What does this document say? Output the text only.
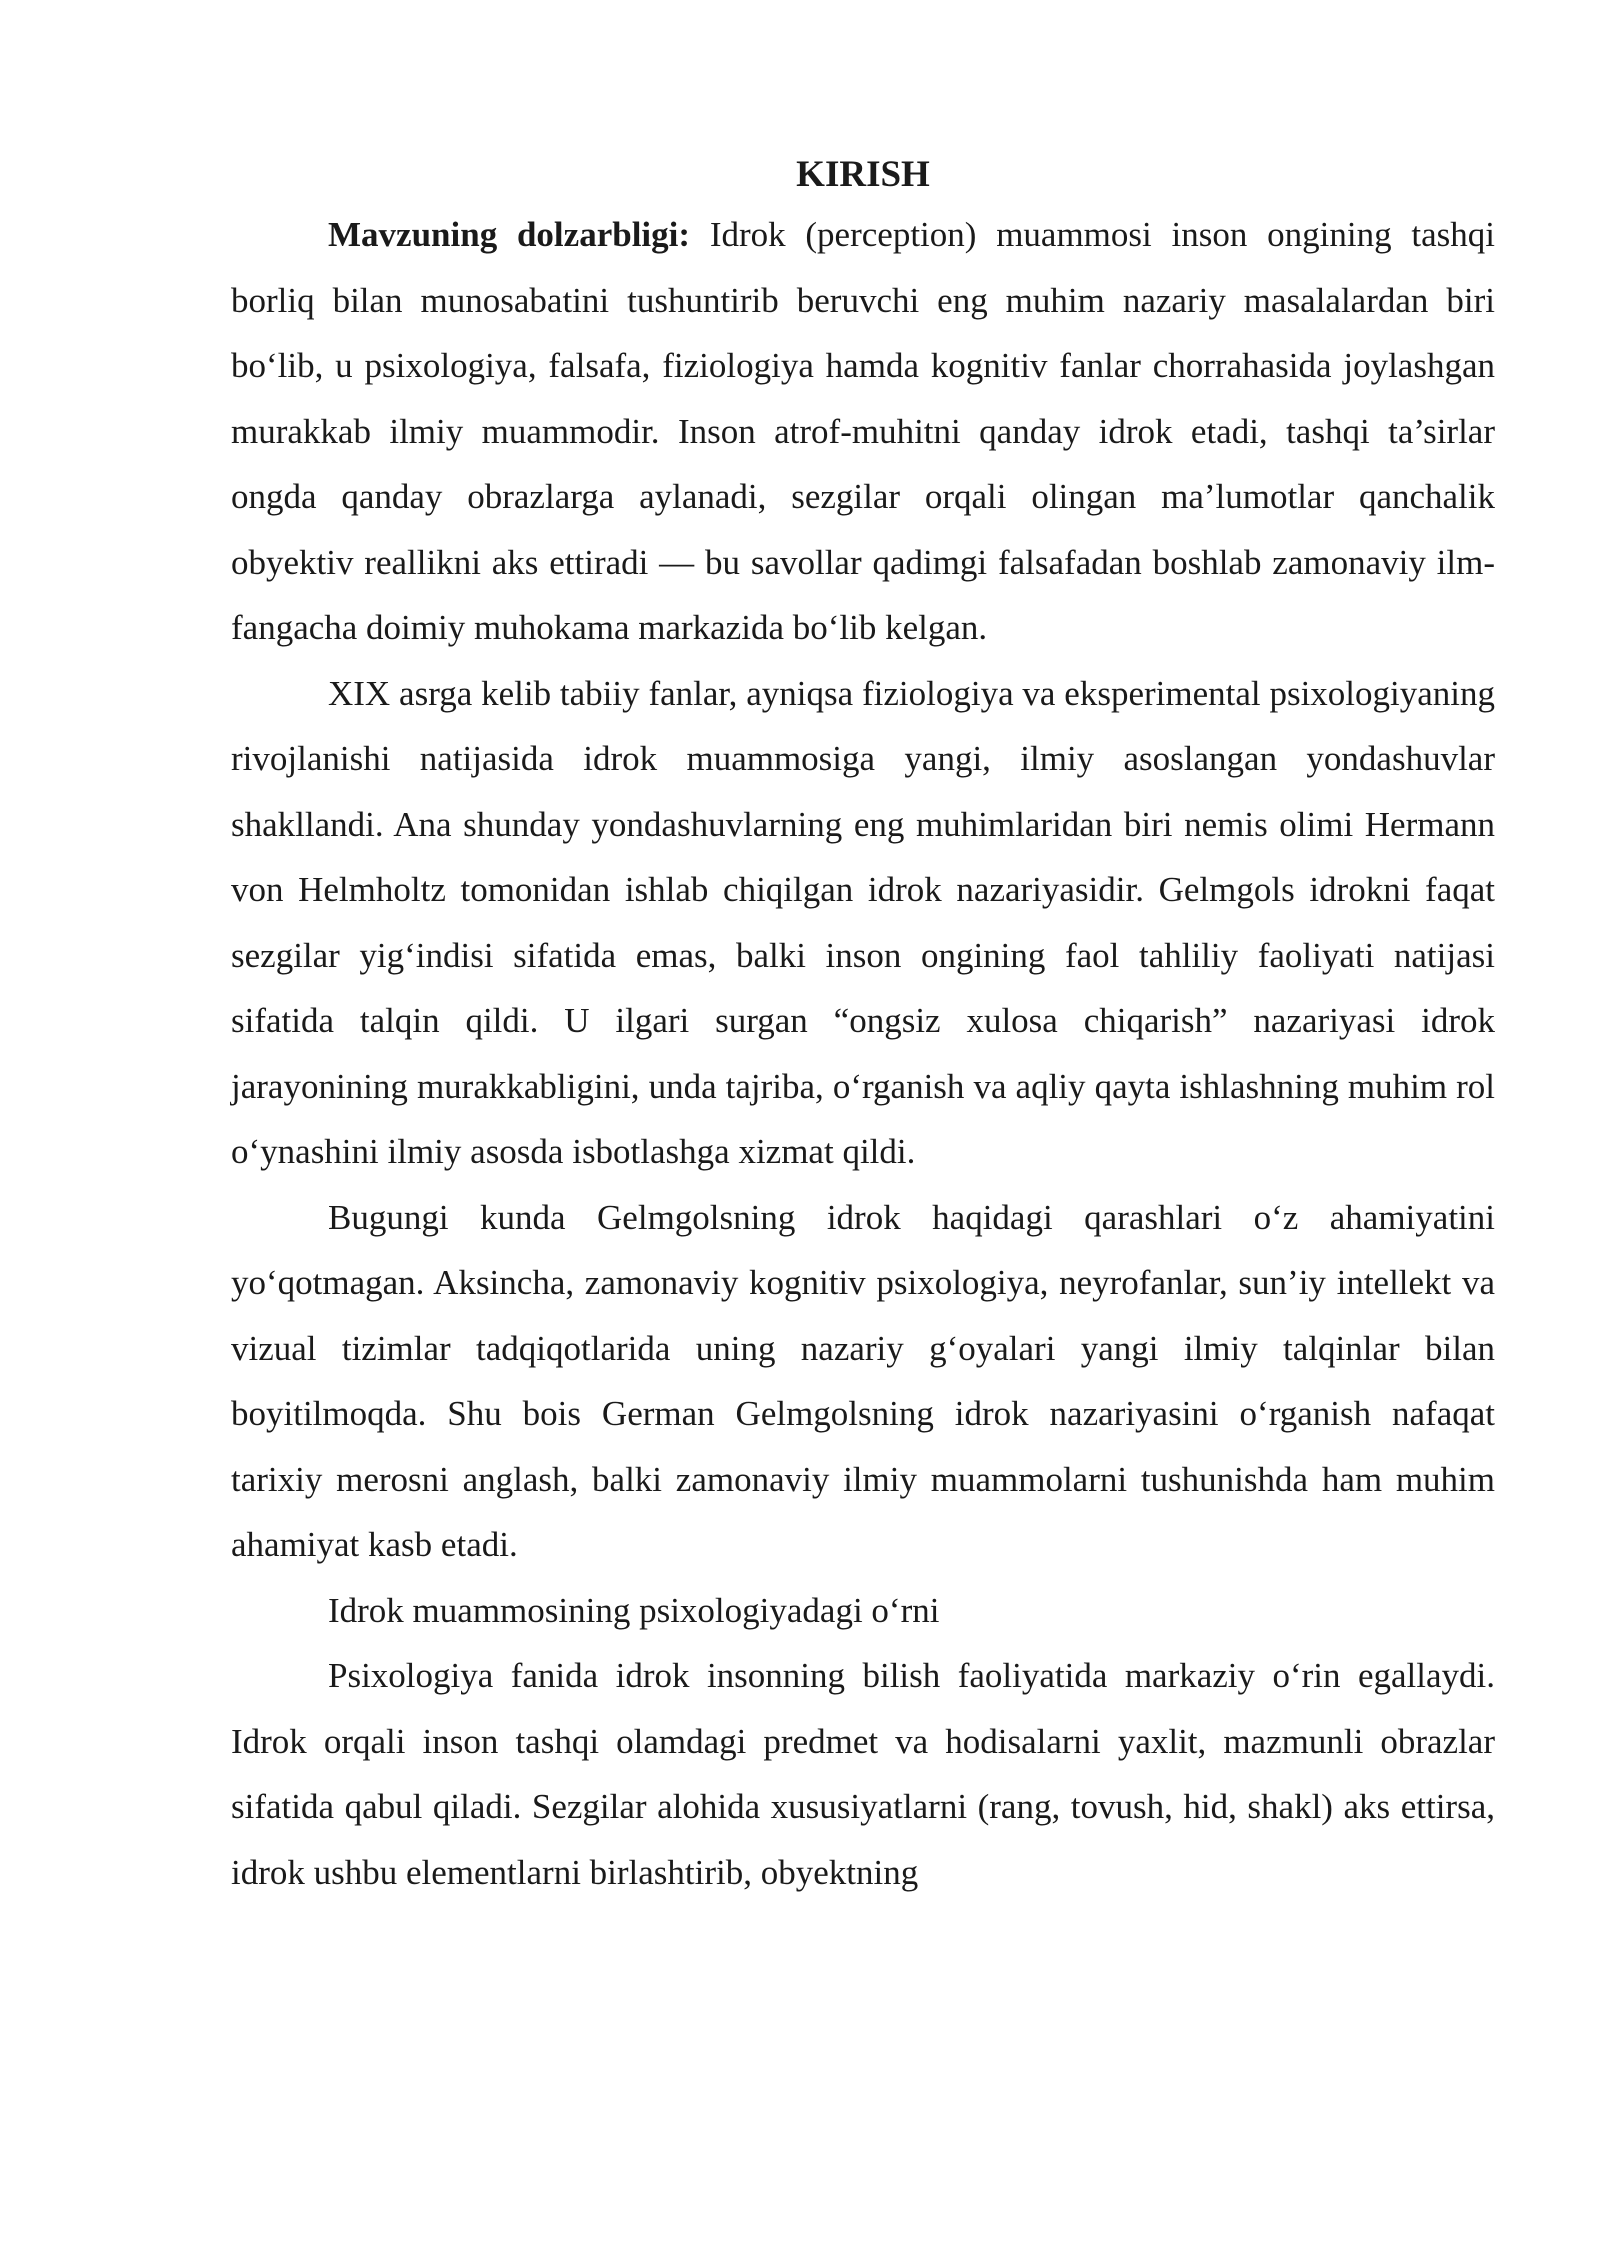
KIRISH

Mavzuning dolzarbligi: Idrok (perception) muammosi inson ongining tashqi borliq bilan munosabatini tushuntirib beruvchi eng muhim nazariy masalalardan biri bo‘lib, u psixologiya, falsafa, fiziologiya hamda kognitiv fanlar chorrahasida joylashgan murakkab ilmiy muammodir. Inson atrof-muhitni qanday idrok etadi, tashqi ta’sirlar ongda qanday obrazlarga aylanadi, sezgilar orqali olingan ma’lumotlar qanchalik obyektiv reallikni aks ettiradi — bu savollar qadimgi falsafadan boshlab zamonaviy ilm-fangacha doimiy muhokama markazida bo‘lib kelgan.

XIX asrga kelib tabiiy fanlar, ayniqsa fiziologiya va eksperimental psixologiyaning rivojlanishi natijasida idrok muammosiga yangi, ilmiy asoslangan yondashuvlar shakllandi. Ana shunday yondashuvlarning eng muhimlaridan biri nemis olimi Hermann von Helmholtz tomonidan ishlab chiqilgan idrok nazariyasidir. Gelmgols idrokni faqat sezgilar yig‘indisi sifatida emas, balki inson ongining faol tahliliy faoliyati natijasi sifatida talqin qildi. U ilgari surgan “ongsiz xulosa chiqarish” nazariyasi idrok jarayonining murakkabligini, unda tajriba, o‘rganish va aqliy qayta ishlashning muhim rol o‘ynashini ilmiy asosda isbotlashga xizmat qildi.

Bugungi kunda Gelmgolsning idrok haqidagi qarashlari o‘z ahamiyatini yo‘qotmagan. Aksincha, zamonaviy kognitiv psixologiya, neyrofanlar, sun’iy intellekt va vizual tizimlar tadqiqotlarida uning nazariy g‘oyalari yangi ilmiy talqinlar bilan boyitilmoqda. Shu bois German Gelmgolsning idrok nazariyasini o‘rganish nafaqat tarixiy merosni anglash, balki zamonaviy ilmiy muammolarni tushunishda ham muhim ahamiyat kasb etadi.

Idrok muammosining psixologiyadagi o‘rni

Psixologiya fanida idrok insonning bilish faoliyatida markaziy o‘rin egallaydi. Idrok orqali inson tashqi olamdagi predmet va hodisalarni yaxlit, mazmunli obrazlar sifatida qabul qiladi. Sezgilar alohida xususiyatlarni (rang, tovush, hid, shakl) aks ettirsa, idrok ushbu elementlarni birlashtirib, obyektning
